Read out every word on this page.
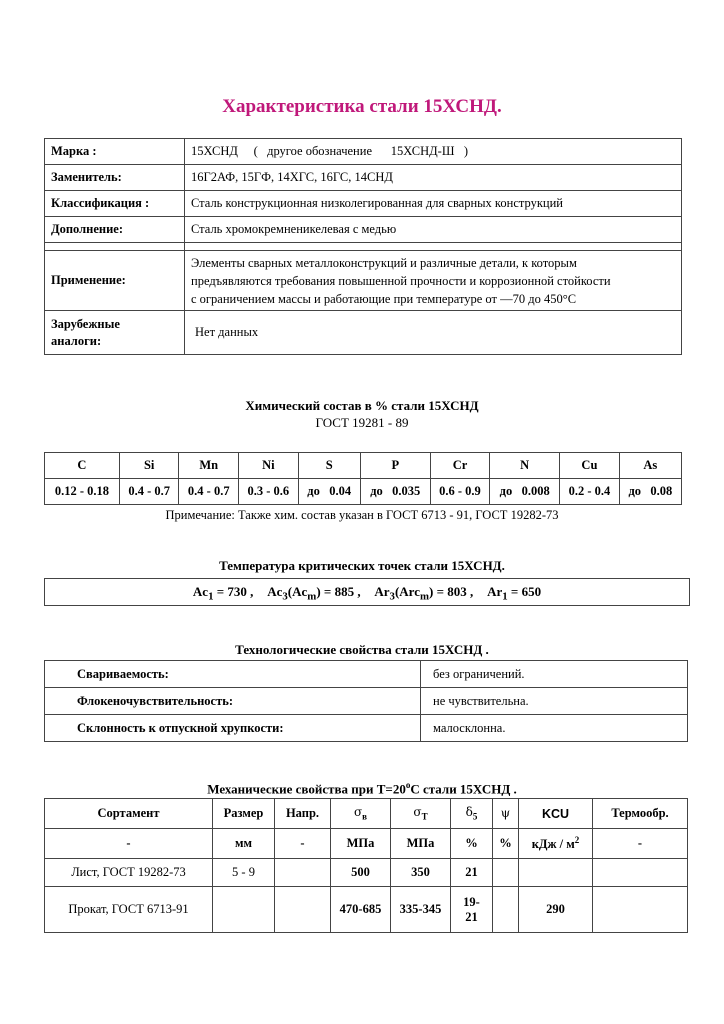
Характеристика стали 15ХСНД.
Марка :	15ХСНД     (   другое обозначение      15ХСНД-Ш   )
Заменитель:	16Г2АФ, 15ГФ, 14ХГС, 16ГС, 14СНД
Классификация :	Сталь конструкционная низколегированная для сварных конструкций
Дополнение:	Сталь хромокремненикелевая с медью

Применение:	Элементы сварных металлоконструкций и различные детали, к которым
предъявляются требования повышенной прочности и коррозионной стойкости
с ограничением массы и работающие при температуре от —70 до 450°С

Зарубежные
аналоги:	Нет данных
Химический состав в % стали 15ХСНД
ГОСТ 19281 - 89
C	Si	Mn	Ni	S	P	Cr	N	Cu	As
0.12 - 0.18	0.4 - 0.7	0.4 - 0.7	0.3 - 0.6	до   0.04	до   0.035	0.6 - 0.9	до   0.008	0.2 - 0.4	до   0.08
Примечание: Также хим. состав указан в ГОСТ 6713 - 91, ГОСТ 19282-73
Температура критических точек стали 15ХСНД.
$Ac_1 = 730$ , $Ac_3(Ac_m) = 885$ , $Ar_3(Arc_m) = 803$ , $Ar_1 = 650$
Технологические свойства стали 15ХСНД .
Свариваемость:	без ограничений.
Флокеночувствительность:	не чувствительна.
Склонность к отпускной хрупкости:	малосклонна.
Механические свойства при $Т=20^oС$ стали 15ХСНД .
Сортамент	Размер	Напр.	$\sigma_в$	$\sigma_T$	$\delta_5$	ψ	KCU	Термообр.
-	мм	-	МПа	МПа	%	%	кДж / $м^2$	-
Лист, ГОСТ 19282-73	5 - 9		500	350	21			
Прокат, ГОСТ 6713-91			470-685	335-345	19-21		290	
